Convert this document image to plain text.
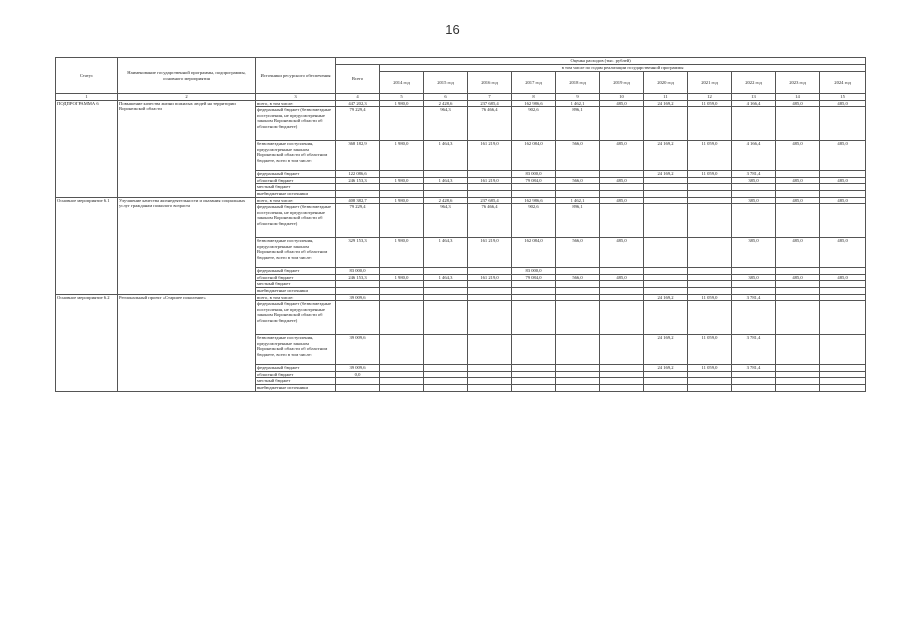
16
Статус	Наименование государственной программы, подпрограммы, основного мероприятия	Источники ресурсного обеспечения	Оценка расходов (тыс. рублей)											
			Всего	в том числе по годам реализации государственной программы										
				2014 год	2015 год	2016 год	2017 год	2018 год	2019 год	2020 год	2021 год	2022 год	2023 год	2024 год
1	2	3	4	5	6	7	8	9	10	11	12	13	14	15
ПОДПРОГРАММА 6	Повышение качества жизни пожилых людей на территории Воронежской области	всего, в том числе:	447 202,3	1 980,0	2 428,6	237 685,4	162 986,6	1 462,1	485,0	24 169,2	11 059,0	4 166,4	485,0	485,0
		федеральный бюджет (безвозмездные поступления, не предусмотренные законом Воронежской области об областном бюджете)	79 229,4		964,3	76 466,4	902,6	896,1						
		безвозмездные поступления, предусмотренные законом Воронежской области об областном бюджете, всего в том числе:	368 182,9	1 980,0	1 464,3	161 219,0	162 084,0	566,0	485,0	24 169,2	11 059,0	4 166,4	485,0	485,0
		федеральный бюджет	122 086,6				83 000,0			24 169,2	11 059,0	3 781,4		
		областной бюджет	246 153,3	1 980,0	1 464,3	161 219,0	79 084,0	566,0	485,0			385,0	485,0	485,0
		местный бюджет												
		внебюджетные источники												
Основное мероприятие 6.1	Улучшение качества жизнедеятельности и оказания социальных услуг гражданам пожилого возраста	всего, в том числе:	408 382,7	1 980,0	2 428,6	237 685,4	162 986,6	1 462,1	485,0			385,0	485,0	485,0
		федеральный бюджет (безвозмездные поступления, не предусмотренные законом Воронежской области об областном бюджете)	79 229,4		964,3	76 466,4	902,6	896,1						
		безвозмездные поступления, предусмотренные законом Воронежской области об областном бюджете, всего в том числе:	329 153,3	1 980,0	1 464,3	161 219,0	162 084,0	566,0	485,0			385,0	485,0	485,0
		федеральный бюджет	83 000,0				83 000,0							
		областной бюджет	246 153,3	1 980,0	1 464,3	161 219,0	79 084,0	566,0	485,0			385,0	485,0	485,0
		местный бюджет												
		внебюджетные источники												
Основное мероприятие 6.2	Региональный проект «Старшее поколение»	всего, в том числе:	39 009,6							24 169,2	11 059,0	3 781,4		
		федеральный бюджет (безвозмездные поступления, не предусмотренные законом Воронежской области об областном бюджете)												
		безвозмездные поступления, предусмотренные законом Воронежской области об областном бюджете, всего в том числе:	39 009,6							24 169,2	11 059,0	3 781,4		
		федеральный бюджет	39 009,6							24 169,2	11 059,0	3 781,4		
		областной бюджет	0,0											
		местный бюджет												
		внебюджетные источники												
